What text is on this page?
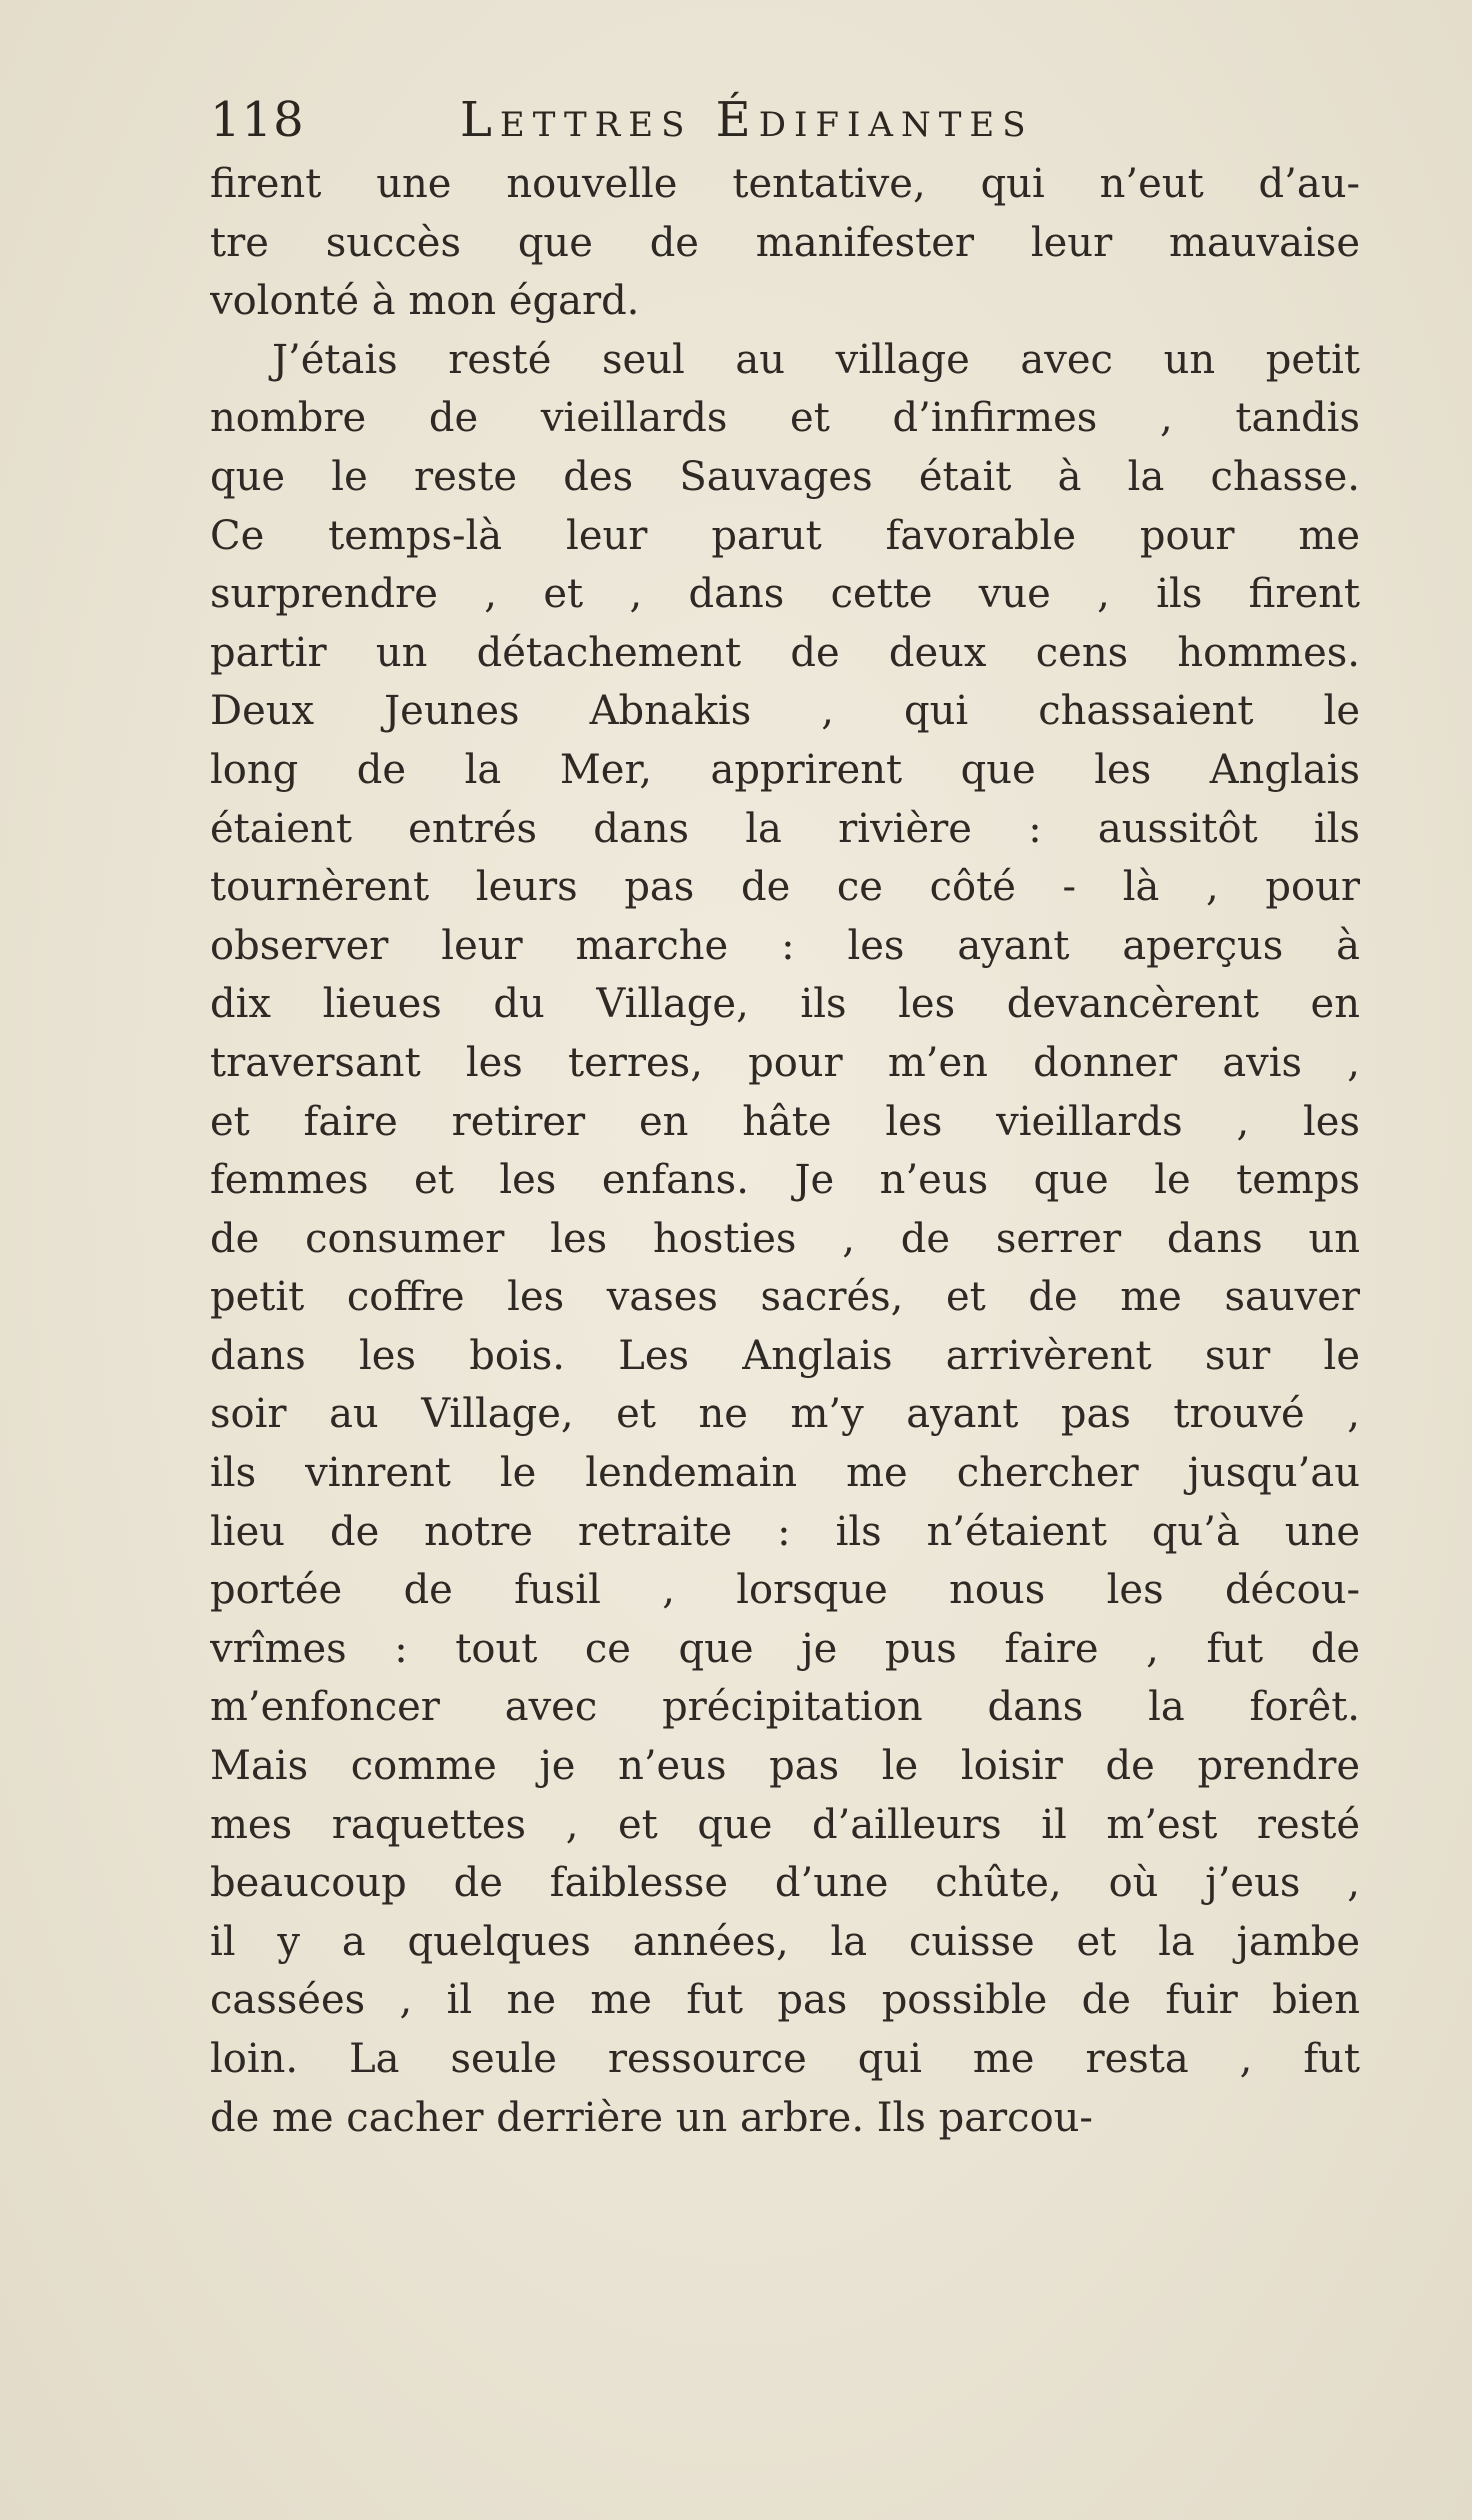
118	Lettres Édifiantes
firent une nouvelle tentative, qui n’eut d’au-
tre succès que de manifester leur mauvaise
volonté à mon égard.
J’étais resté seul au village avec un petit
nombre de vieillards et d’infirmes , tandis
que le reste des Sauvages était à la chasse.
Ce temps-là leur parut favorable pour me
surprendre , et , dans cette vue , ils firent
partir un détachement de deux cens hommes.
Deux Jeunes Abnakis , qui chassaient le
long de la Mer, apprirent que les Anglais
étaient entrés dans la rivière : aussitôt ils
tournèrent leurs pas de ce côté - là , pour
observer leur marche : les ayant aperçus à
dix lieues du Village, ils les devancèrent en
traversant les terres, pour m’en donner avis ,
et faire retirer en hâte les vieillards , les
femmes et les enfans. Je n’eus que le temps
de consumer les hosties , de serrer dans un
petit coffre les vases sacrés, et de me sauver
dans les bois. Les Anglais arrivèrent sur le
soir au Village, et ne m’y ayant pas trouvé ,
ils vinrent le lendemain me chercher jusqu’au
lieu de notre retraite : ils n’étaient qu’à une
portée de fusil , lorsque nous les décou-
vrîmes : tout ce que je pus faire , fut de
m’enfoncer avec précipitation dans la forêt.
Mais comme je n’eus pas le loisir de prendre
mes raquettes , et que d’ailleurs il m’est resté
beaucoup de faiblesse d’une chûte, où j’eus ,
il y a quelques années, la cuisse et la jambe
cassées , il ne me fut pas possible de fuir bien
loin. La seule ressource qui me resta , fut
de me cacher derrière un arbre. Ils parcou-
